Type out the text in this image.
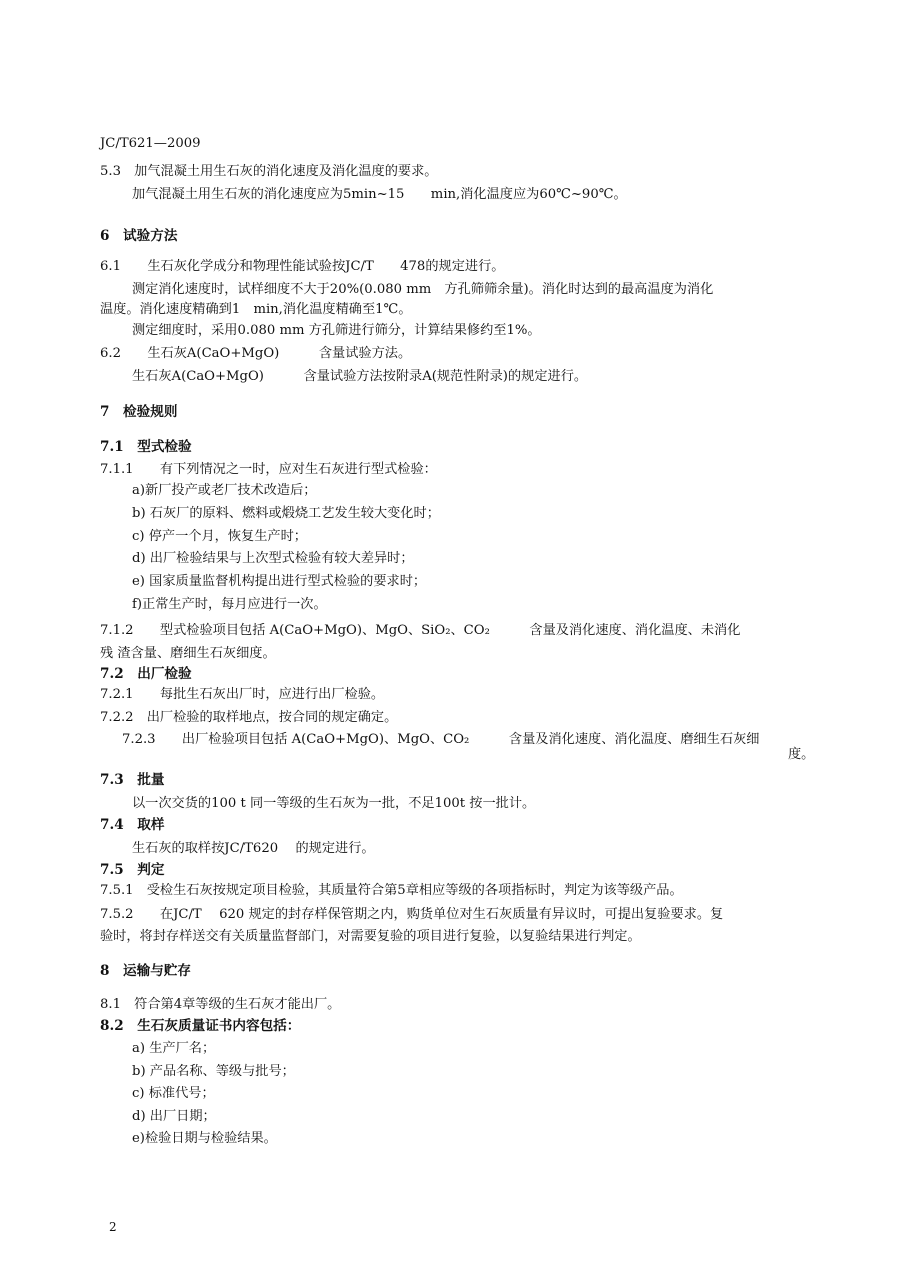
JC/T621—2009
5.3　加气混凝土用生石灰的消化速度及消化温度的要求。
加气混凝土用生石灰的消化速度应为5min~15　　min,消化温度应为60℃~90℃。
6　试验方法
6.1　　生石灰化学成分和物理性能试验按JC/T　　478的规定进行。
测定消化速度时，试样细度不大于20%(0.080 mm　方孔筛筛余量)。消化时达到的最高温度为消化
温度。消化速度精确到1　min,消化温度精确至1℃。
测定细度时，采用0.080 mm 方孔筛进行筛分，计算结果修约至1%。
6.2　　生石灰A(CaO+MgO)　　　含量试验方法。
生石灰A(CaO+MgO)　　　含量试验方法按附录A(规范性附录)的规定进行。
7　检验规则
7.1　型式检验
7.1.1　　有下列情况之一时，应对生石灰进行型式检验：
a)新厂投产或老厂技术改造后；
b) 石灰厂的原料、燃料或煅烧工艺发生较大变化时；
c) 停产一个月，恢复生产时；
d) 出厂检验结果与上次型式检验有较大差异时；
e) 国家质量监督机构提出进行型式检验的要求时；
f)正常生产时，每月应进行一次。
7.1.2　　型式检验项目包括 A(CaO+MgO)、MgO、SiO₂、CO₂　　　含量及消化速度、消化温度、未消化
残 渣含量、磨细生石灰细度。
7.2　出厂检验
7.2.1　　每批生石灰出厂时，应进行出厂检验。
7.2.2　出厂检验的取样地点，按合同的规定确定。
7.2.3　　出厂检验项目包括 A(CaO+MgO)、MgO、CO₂　　　含量及消化速度、消化温度、磨细生石灰细
度。
7.3　批量
以一次交货的100 t 同一等级的生石灰为一批，不足100t 按一批计。
7.4　取样
生石灰的取样按JC/T620　 的规定进行。
7.5　判定
7.5.1　受检生石灰按规定项目检验，其质量符合第5章相应等级的各项指标时，判定为该等级产品。
7.5.2　　在JC/T　 620 规定的封存样保管期之内，购货单位对生石灰质量有异议时，可提出复验要求。复
验时，将封存样送交有关质量监督部门，对需要复验的项目进行复验，以复验结果进行判定。
8　运输与贮存
8.1　符合第4章等级的生石灰才能出厂。
8.2　生石灰质量证书内容包括：
a) 生产厂名；
b) 产品名称、等级与批号；
c) 标准代号；
d) 出厂日期；
e)检验日期与检验结果。
2
